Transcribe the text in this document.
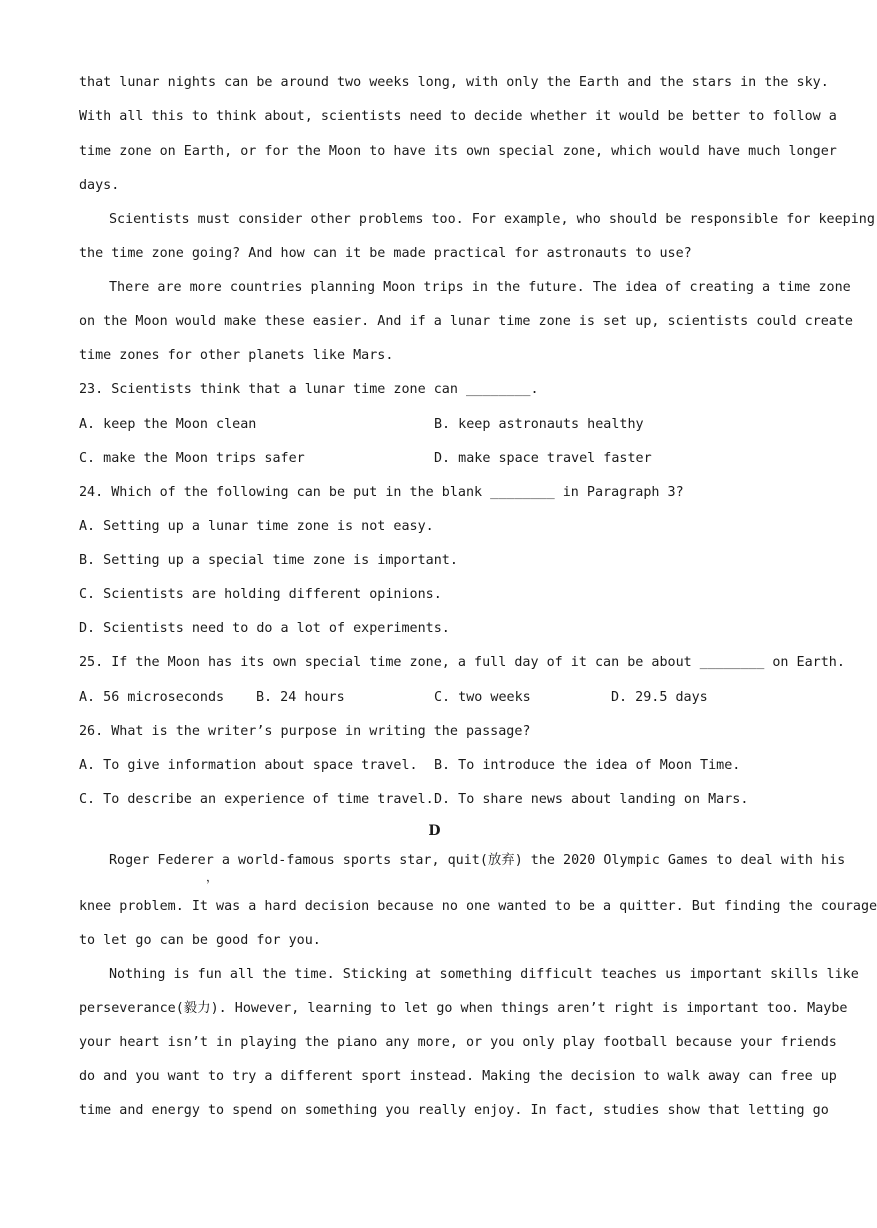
that lunar nights can be around two weeks long, with only the Earth and the stars in the sky.
With all this to think about, scientists need to decide whether it would be better to follow a
time zone on Earth, or for the Moon to have its own special zone, which would have much longer
days.
Scientists must consider other problems too. For example, who should be responsible for keeping
the time zone going? And how can it be made practical for astronauts to use?
There are more countries planning Moon trips in the future. The idea of creating a time zone
on the Moon would make these easier. And if a lunar time zone is set up, scientists could create
time zones for other planets like Mars.
23. Scientists think that a lunar time zone can ________.
A. keep the Moon clean	B. keep astronauts healthy
C. make the Moon trips safer	D. make space travel faster
24. Which of the following can be put in the blank ________ in Paragraph 3?
A. Setting up a lunar time zone is not easy.
B. Setting up a special time zone is important.
C. Scientists are holding different opinions.
D. Scientists need to do a lot of experiments.
25. If the Moon has its own special time zone, a full day of it can be about ________ on Earth.
A. 56 microseconds B. 24 hours	C. two weeks	D. 29.5 days
26. What is the writer’s purpose in writing the passage?
A. To give information about space travel. B. To introduce the idea of Moon Time.
C. To describe an experience of time travel. D. To share news about landing on Mars.
D
Roger Federer a world-famous sports star, quit(放弃) the 2020 Olympic Games to deal with his
，
knee problem. It was a hard decision because no one wanted to be a quitter. But finding the courage
to let go can be good for you.
Nothing is fun all the time. Sticking at something difficult teaches us important skills like
perseverance(毅力). However, learning to let go when things aren’t right is important too. Maybe
your heart isn’t in playing the piano any more, or you only play football because your friends
do and you want to try a different sport instead. Making the decision to walk away can free up
time and energy to spend on something you really enjoy. In fact, studies show that letting go
